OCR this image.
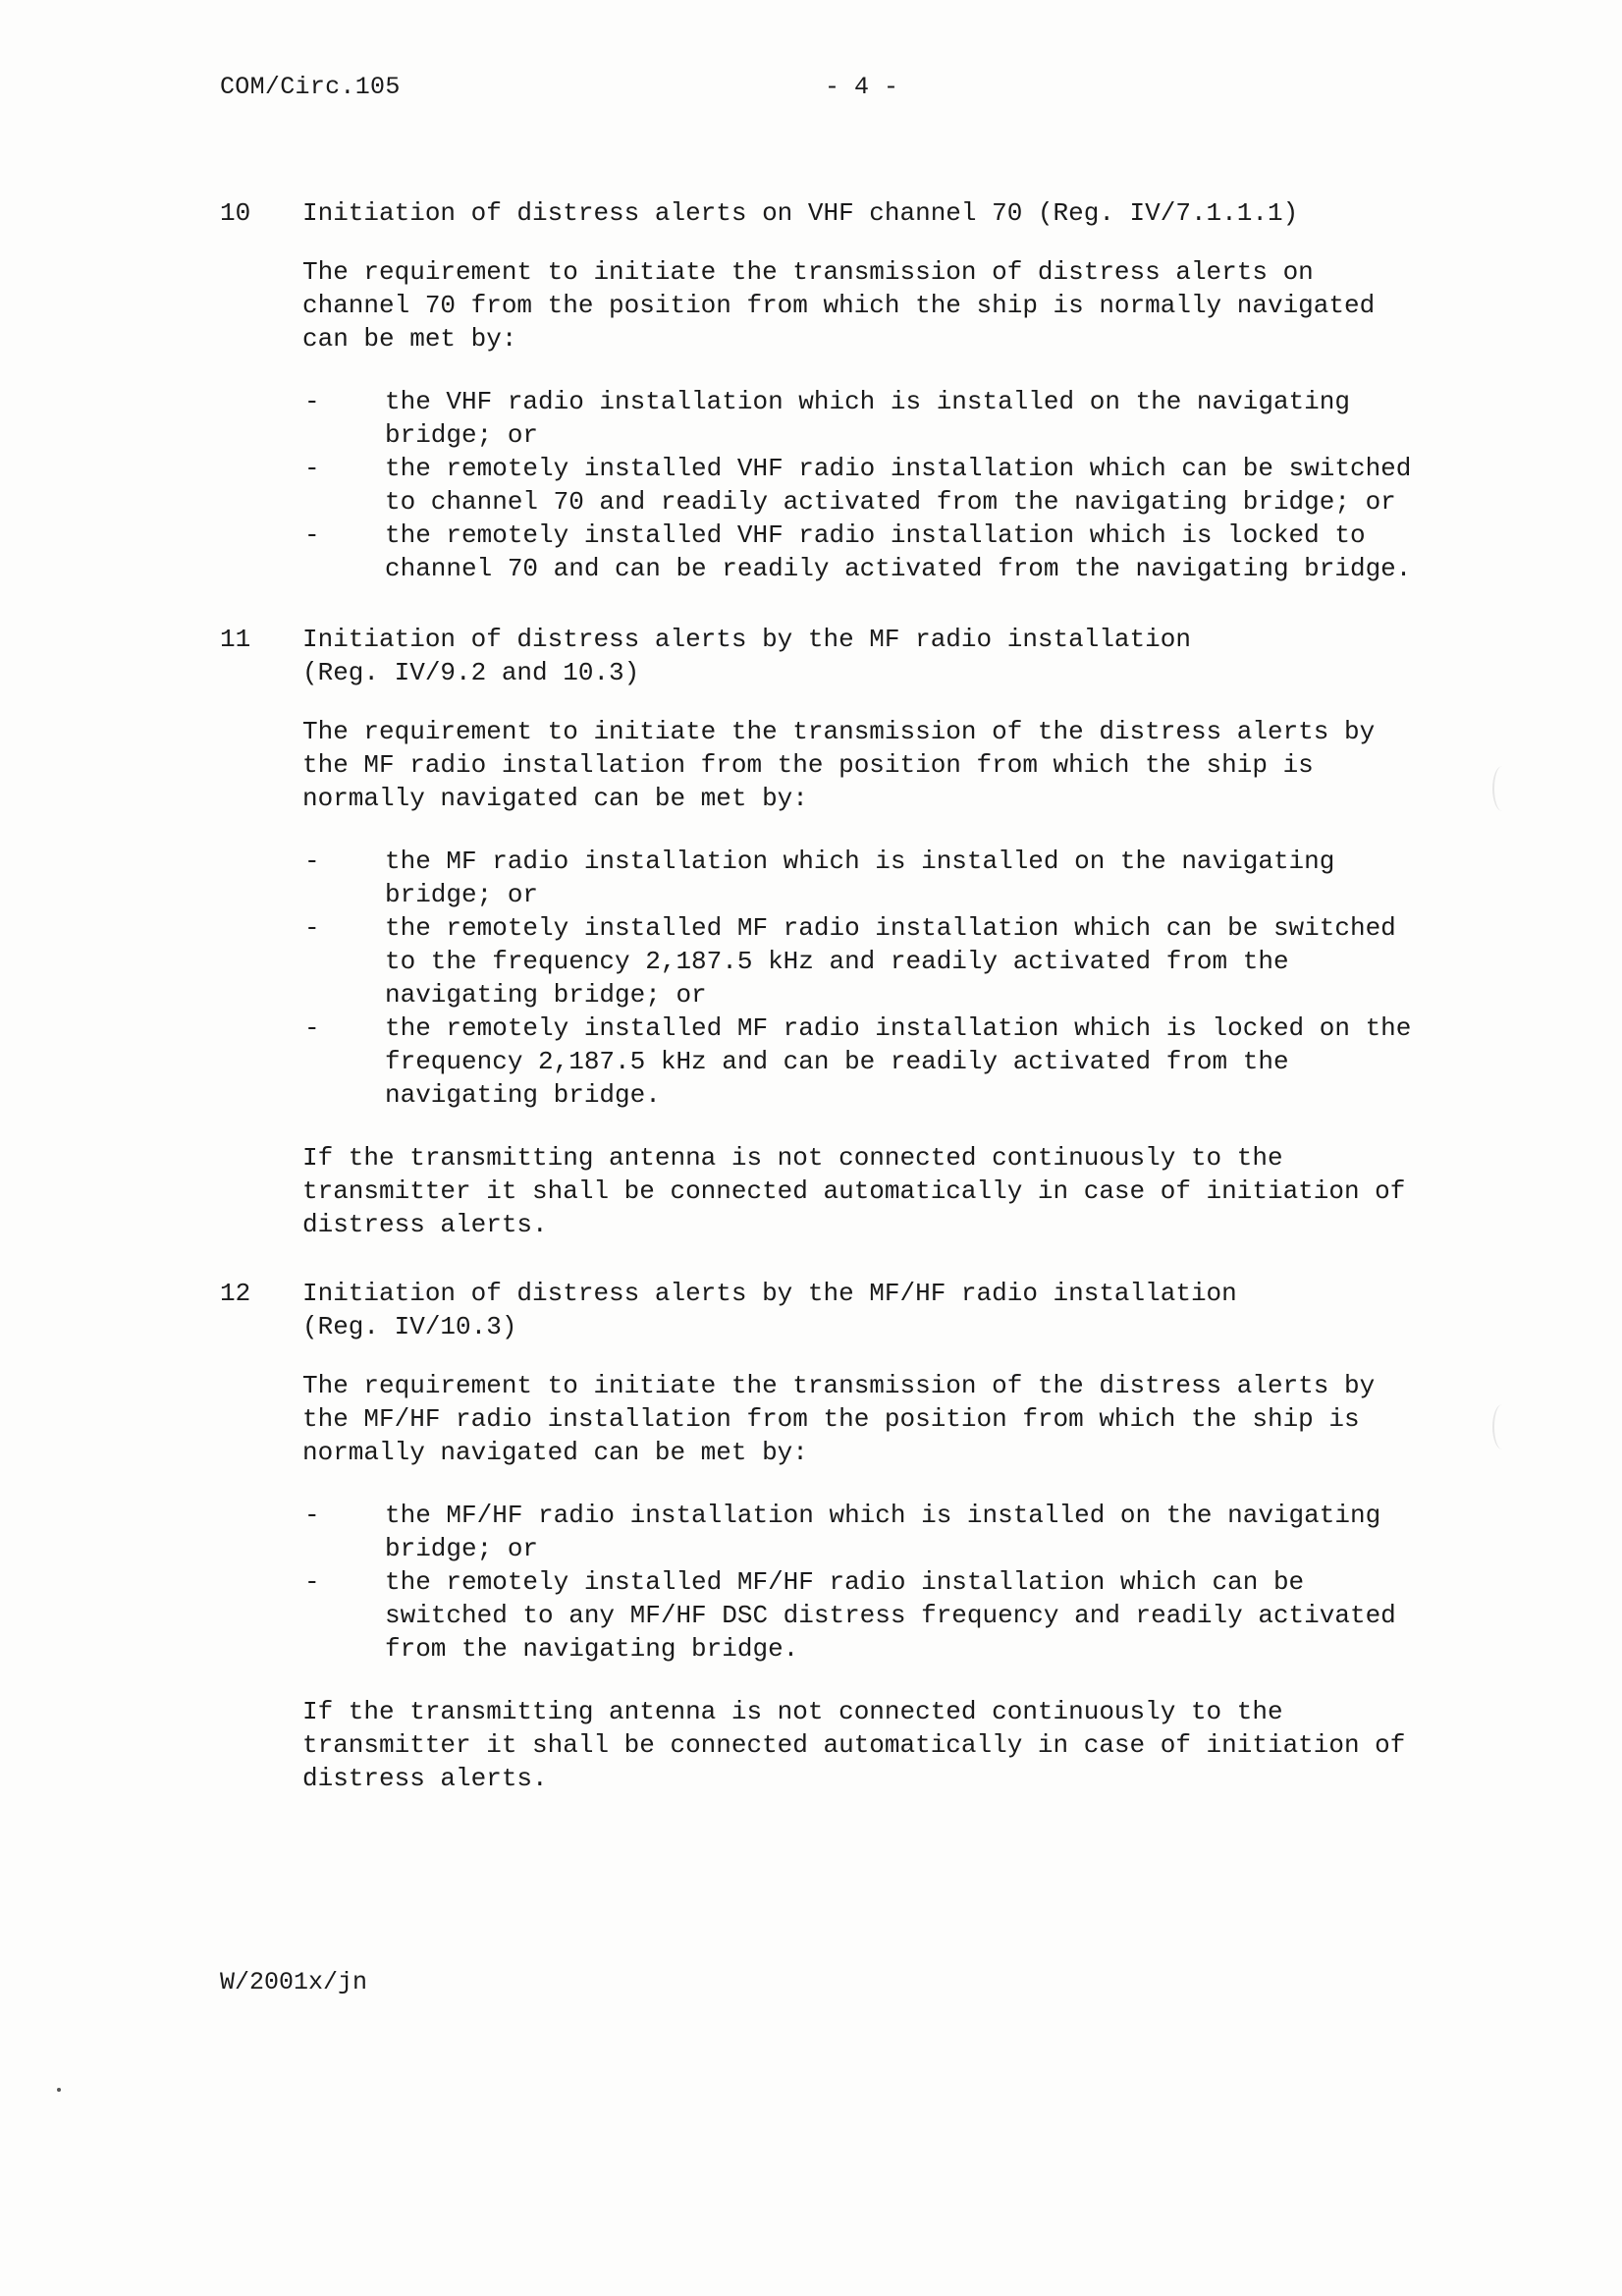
COM/Circ.105	- 4 -
10	Initiation of distress alerts on VHF channel 70 (Reg. IV/7.1.1.1)

The requirement to initiate the transmission of distress alerts on
channel 70 from the position from which the ship is normally navigated
can be met by:

-	the VHF radio installation which is installed on the navigating
bridge; or
-	the remotely installed VHF radio installation which can be switched
to channel 70 and readily activated from the navigating bridge; or
-	the remotely installed VHF radio installation which is locked to
channel 70 and can be readily activated from the navigating bridge.
11	Initiation of distress alerts by the MF radio installation
(Reg. IV/9.2 and 10.3)

The requirement to initiate the transmission of the distress alerts by
the MF radio installation from the position from which the ship is
normally navigated can be met by:

-	the MF radio installation which is installed on the navigating
bridge; or
-	the remotely installed MF radio installation which can be switched
to the frequency 2,187.5 kHz and readily activated from the
navigating bridge; or
-	the remotely installed MF radio installation which is locked on the
frequency 2,187.5 kHz and can be readily activated from the
navigating bridge.

If the transmitting antenna is not connected continuously to the
transmitter it shall be connected automatically in case of initiation of
distress alerts.

12	Initiation of distress alerts by the MF/HF radio installation
(Reg. IV/10.3)

The requirement to initiate the transmission of the distress alerts by
the MF/HF radio installation from the position from which the ship is
normally navigated can be met by:

-	the MF/HF radio installation which is installed on the navigating
bridge; or
-	the remotely installed MF/HF radio installation which can be
switched to any MF/HF DSC distress frequency and readily activated
from the navigating bridge.

If the transmitting antenna is not connected continuously to the
transmitter it shall be connected automatically in case of initiation of
distress alerts.

W/2001x/jn
